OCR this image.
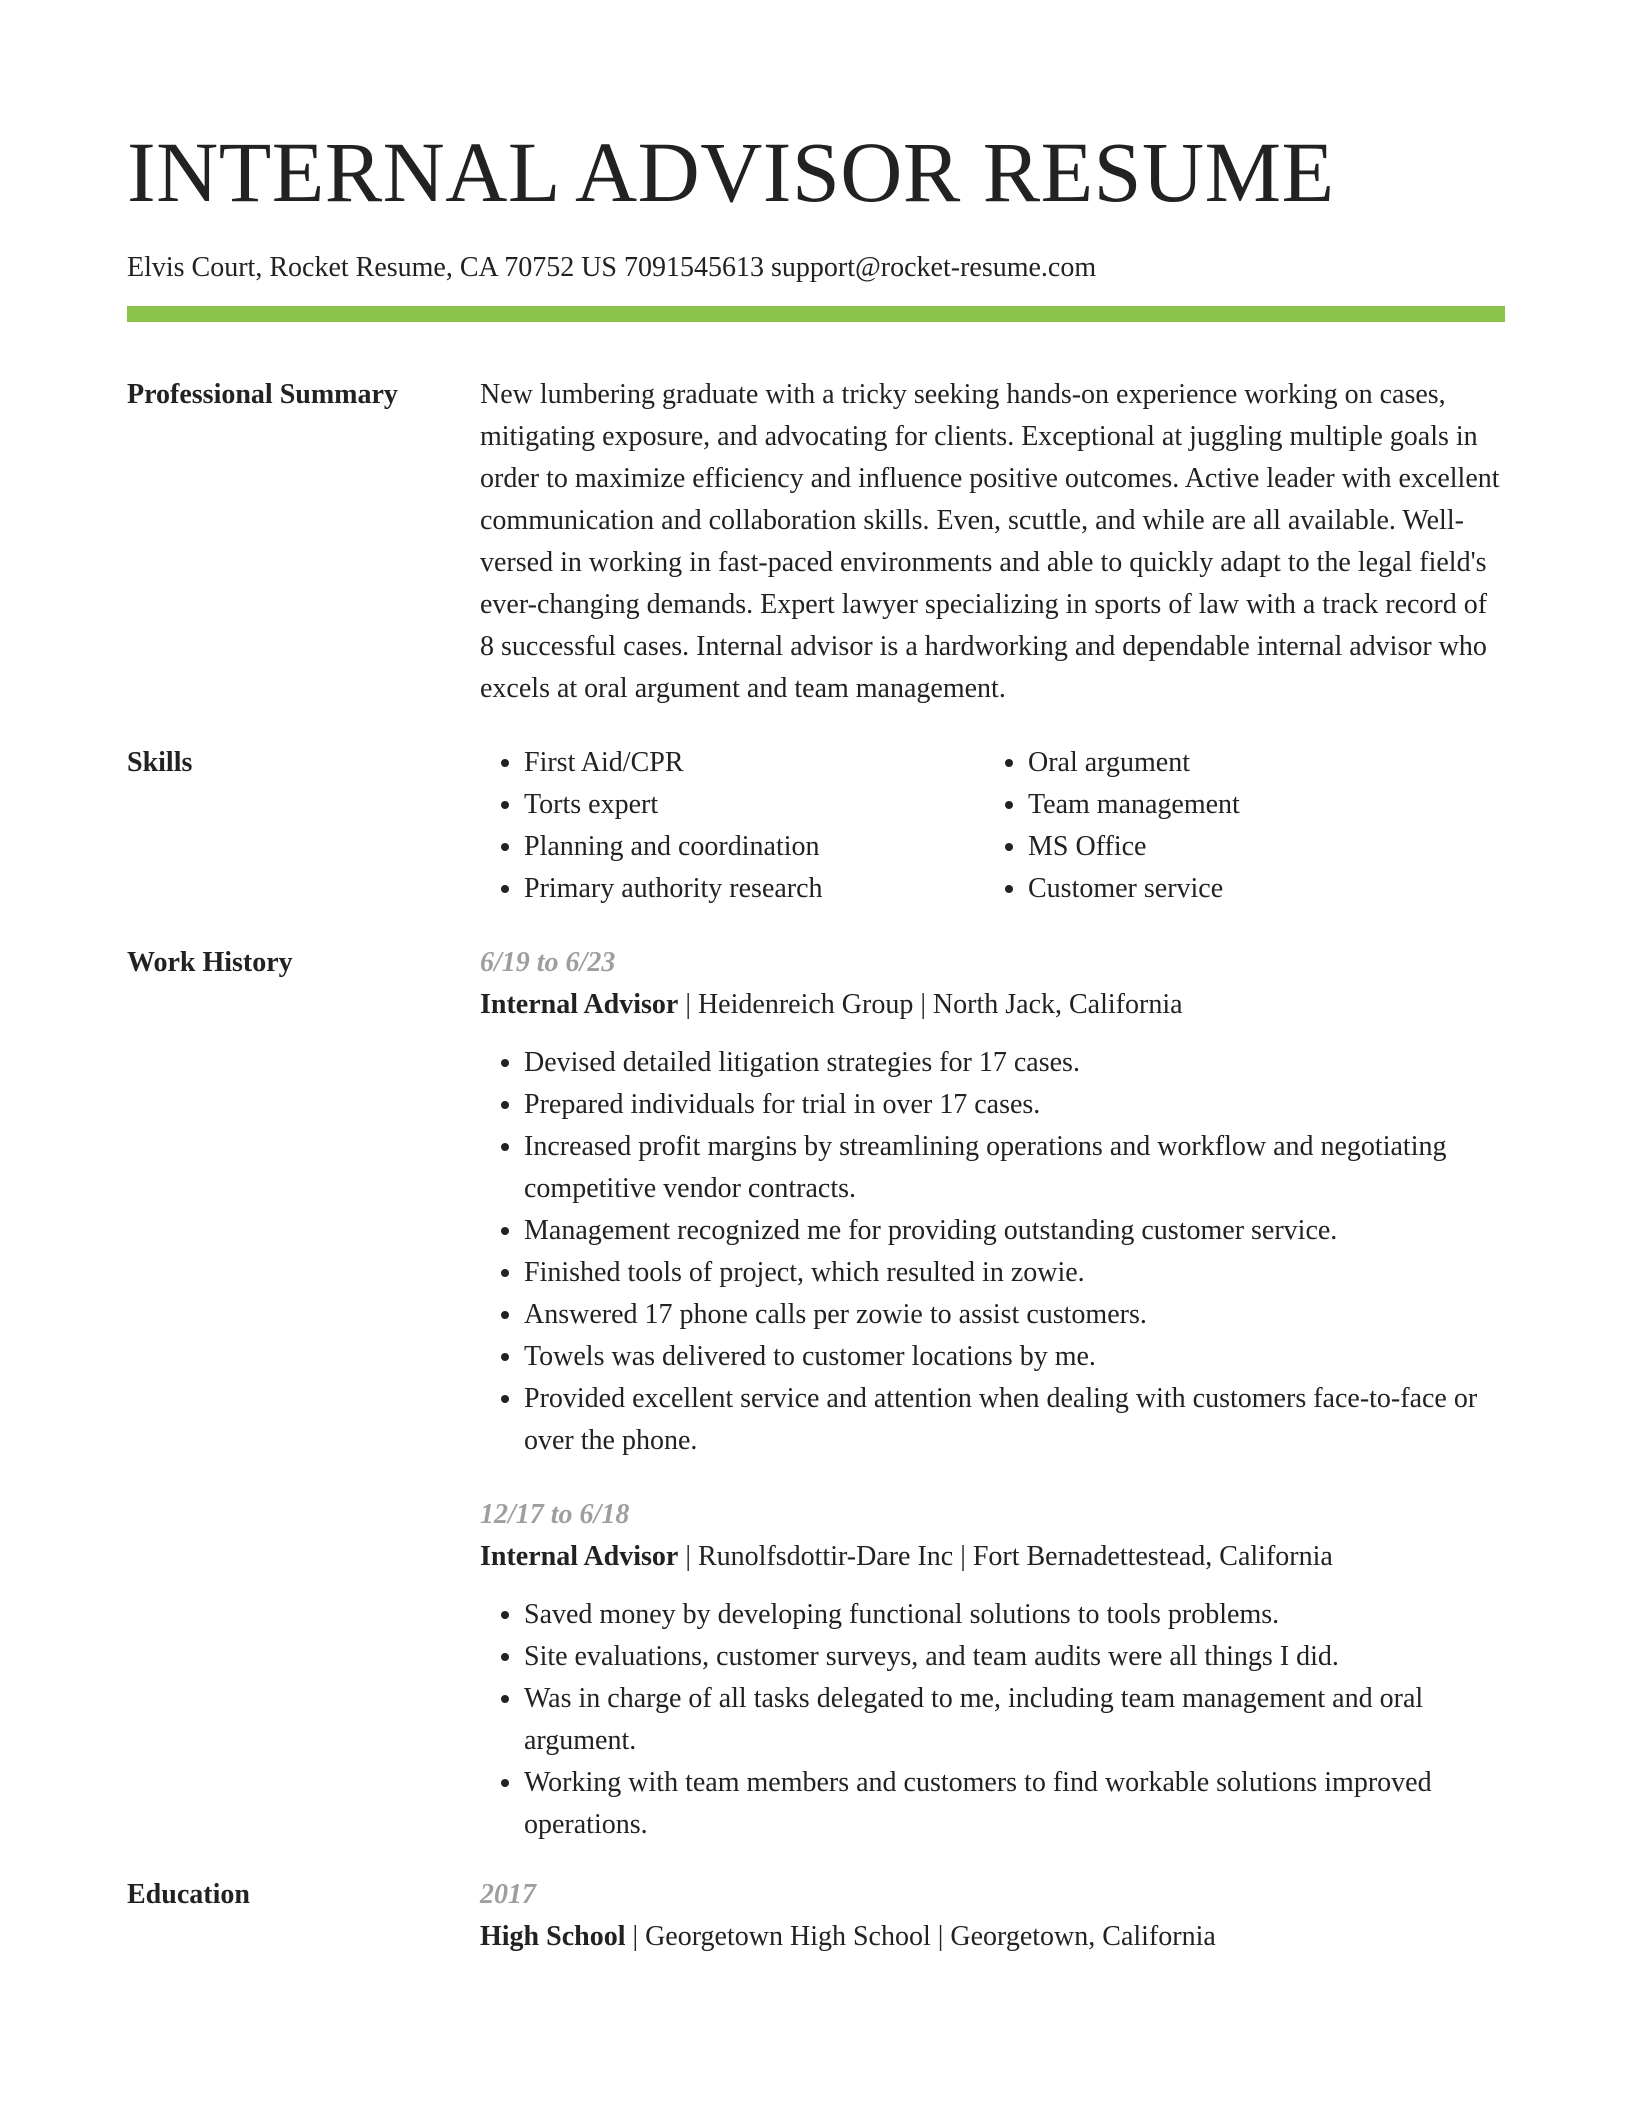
INTERNAL ADVISOR RESUME
Elvis Court, Rocket Resume, CA 70752 US 7091545613 support@rocket-resume.com
Professional Summary	New lumbering graduate with a tricky seeking hands-on experience working on cases, mitigating exposure, and advocating for clients. Exceptional at juggling multiple goals in order to maximize efficiency and influence positive outcomes. Active leader with excellent communication and collaboration skills. Even, scuttle, and while are all available. Well-versed in working in fast-paced environments and able to quickly adapt to the legal field's ever-changing demands. Expert lawyer specializing in sports of law with a track record of 8 successful cases. Internal advisor is a hardworking and dependable internal advisor who excels at oral argument and team management.
Skills
•	First Aid/CPR
• Torts expert
• Planning and coordination
• Primary authority research
• Oral argument
• Team management
• MS Office
• Customer service
Work History	6/19 to 6/23
Internal Advisor | Heidenreich Group | North Jack, California
• Devised detailed litigation strategies for 17 cases.
• Prepared individuals for trial in over 17 cases.
• Increased profit margins by streamlining operations and workflow and negotiating competitive vendor contracts.
• Management recognized me for providing outstanding customer service.
• Finished tools of project, which resulted in zowie.
• Answered 17 phone calls per zowie to assist customers.
• Towels was delivered to customer locations by me.
• Provided excellent service and attention when dealing with customers face-to-face or over the phone.
12/17 to 6/18
Internal Advisor | Runolfsdottir-Dare Inc | Fort Bernadettestead, California
• Saved money by developing functional solutions to tools problems.
• Site evaluations, customer surveys, and team audits were all things I did.
• Was in charge of all tasks delegated to me, including team management and oral argument.
• Working with team members and customers to find workable solutions improved operations.
Education	2017
High School | Georgetown High School | Georgetown, California
